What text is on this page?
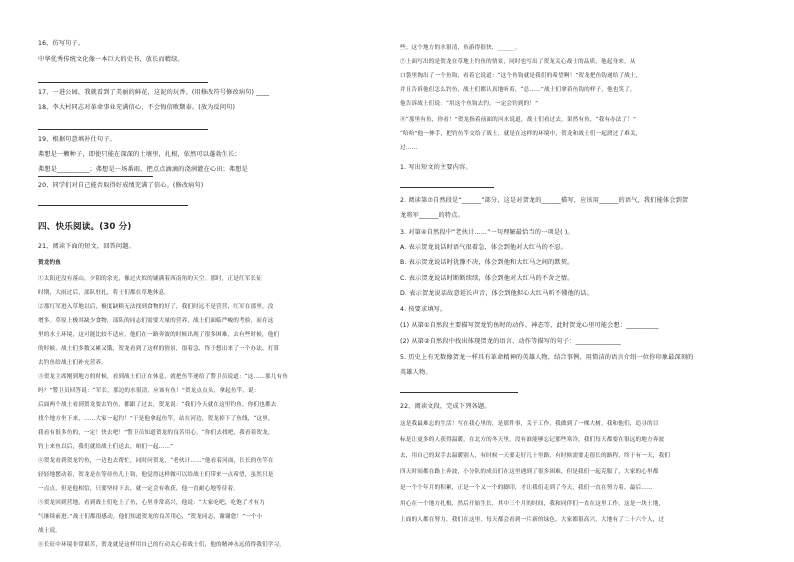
16、仿写句子。
中华优秀传统文化像一本巨大的史书，放长而精绿。
17、一进公园，我就看到了美丽的鲜花，这泥的玩香。(用修改符号修改病句) ____
18、李大村同志对革命事业充满信心，不会悔信败颓泰。(放为反问句)
19、根据句意填补仕句子。
弗想是一颗种子，即使只能在深深的土壤里，扎根，依然可以蓬勃生长；
弗想是__________；弗想是一场番雨，把点点滴滴的浇润灌在心田；弗想是
20、同学们对自己能否取得好成绩充满了信心。(修改病句)
四、快乐阅读。(30 分)
21、阅读下面的短文，回答问题。
贺龙钓鱼
①太阳还没有落山，夕阳的余光，像过火似的铺满着西南角的天空。那时，正是红军长征
时期，大雨过后，部队驻扎，将士们都在草地休息。
②那红军进入草地以后，极度缺粮无法找到食物的好了，我们时远不是营营，红军在那里，没
增多。草原上极其缺少食物，部队的同志们需要大量的营养，战士们面临严峻的考验，而在这
里的水土环境，这可能比较不适应，他们在一路奔波的时候出现了很多困难，去有些时候，他们
的时候，战士们多数又累又饿，贺龙看到了这样的情景，很着急，终于想出来了一个办法，打算
去钓鱼给战士们补充营养。
③贺龙主席刚到地方的时候，看到战士们正在休息，就把鱼竿递给了警卫员说道：“这……那儿有鱼
吗？”警卫员回答说：“军长，那边的水很清，应该有鱼！”贺龙点点头，拿起鱼竿，说：
后面两个战士看到贺龙要去钓鱼，都跟了过去，贺龙说：“我们今天就在这里钓鱼，你们也都去
找个地方坐下来，……大家一起钓！”于是他拿起鱼竿，站在河边，贺龙掉下了鱼线，“这里，
我看有很多鱼的，一定！快去吧！”警卫员知道贺龙的良苦用心，“你们去找吧，我看着贺龙，
钓上来鱼以后，我们就给战士们送去，咱们一起……”
④贺龙看到贺龙钓鱼，一边也去帮忙，同时问贺龙，“老伙计……”他看着河面，长长的鱼竿在
轻轻地摆动着，贺龙是在等待鱼儿上钩，他觉得这样做可以给战士们带来一点希望，虽然只是
一点点，但是他相信，只要坚持下去，就一定会有收获，他一直耐心地等待着。
⑤贺龙回到营地，看到战士们吃上了鱼，心里非常高兴，他说：“大家吃吧，吃饱了才有力
气继续前进。”战士们都很感动，他们知道贺龙的良苦用心，“贺龙同志，谢谢您！”一个小
战士说。
⑥长征中环境非常艰苦，贺龙就是这样用自己的行动关心着战士们，他的精神永远值得我们学习。
些。这个地方的水很清，鱼游得很快，______。
⑦上面写出的是贺龙在草地上钓鱼的情景，同时也写出了贺龙关心战士的品质，他起身来，从
口袋里掏出了一个鱼钩，看着它说道：“这个鱼钩就是我们的希望啊！”贺龙把鱼钩递给了战士，
并且告诉他们怎么钓鱼，战士们都认真地听着，“总……”战士们拿着鱼钩的样子，他也笑了，
他告诉战士们说：“用这个鱼钩去钓，一定会钓到的！”
⑧“那里有鱼，你看！”贺龙指着前面的河水说道，战士们看过去，果然有鱼，“我有办法了！”
“哈哈”他一伸手，把钓鱼竿交给了战士，就是在这样的环境中，贺龙和战士们一起渡过了难关，
过……
1. 写出短文的主要内容。
2. 阅读第⑦自然段是“______”部分，这是对贺龙的______描写，应该用______的语气，我们能体会到贺
龙将军______的特点。
3. 对第④自然段中“老伙计……”一句理解最恰当的一项是( )。
A. 表示贺龙说话时语气很着急，体会到他对大红马的不忍。
B. 表示贺龙说话时犹豫不决，体会到他和大红马之间的默契。
C. 表示贺龙说话时断断续续，体会到他对大红马的不舍之情。
D. 表示贺龙说话故意延长声音，体会到他担心大红马听不懂他的话。
4. 按要求填写。
(1) 从第①自然段主要描写贺龙钓鱼时的动作、神态等，此时贺龙心里可能会想：__________
(2) 从第②自然段中找出体现贺龙的语言、动作等描写的句子：______________
5. 历史上有无数像贺龙一样具有革命精神的英雄人物，结合事例，用简洁的语言介绍一位你印象最深刻的
英雄人物。
22、阅读文段，完成下列各题。
这是我最难忘的生活！写在我心里的，是那件事，关于工作，我做到了一棵大树。我和他们，追寻的目
标是让更多的人获得温暖，在北方的冬天里，没有谁能够忘记那些寒冷，我们每天都要在很远的地方奔波
去，用自己的双手去温暖别人，有时候一天要走好几十里路，有时候需要走很长的路程，终于有一天，我们
四天时间都在路上奔波，小分队的成员们在这里遇到了很多困难，但是我们一起克服了，大家的心里都
是一个个年月的积累，正是一个又一个的脚印，才让我们走到了今天，我们一直在努力着，最后……
用心在一个地方扎根，然后开始生长，其中三个月的时间，我和同伴们一直在这里工作，这是一块土地，
上面的人都在努力，我们在这里，每天都会看到一片新的绿色，大家都很高兴，大地有了二十六个人，过
